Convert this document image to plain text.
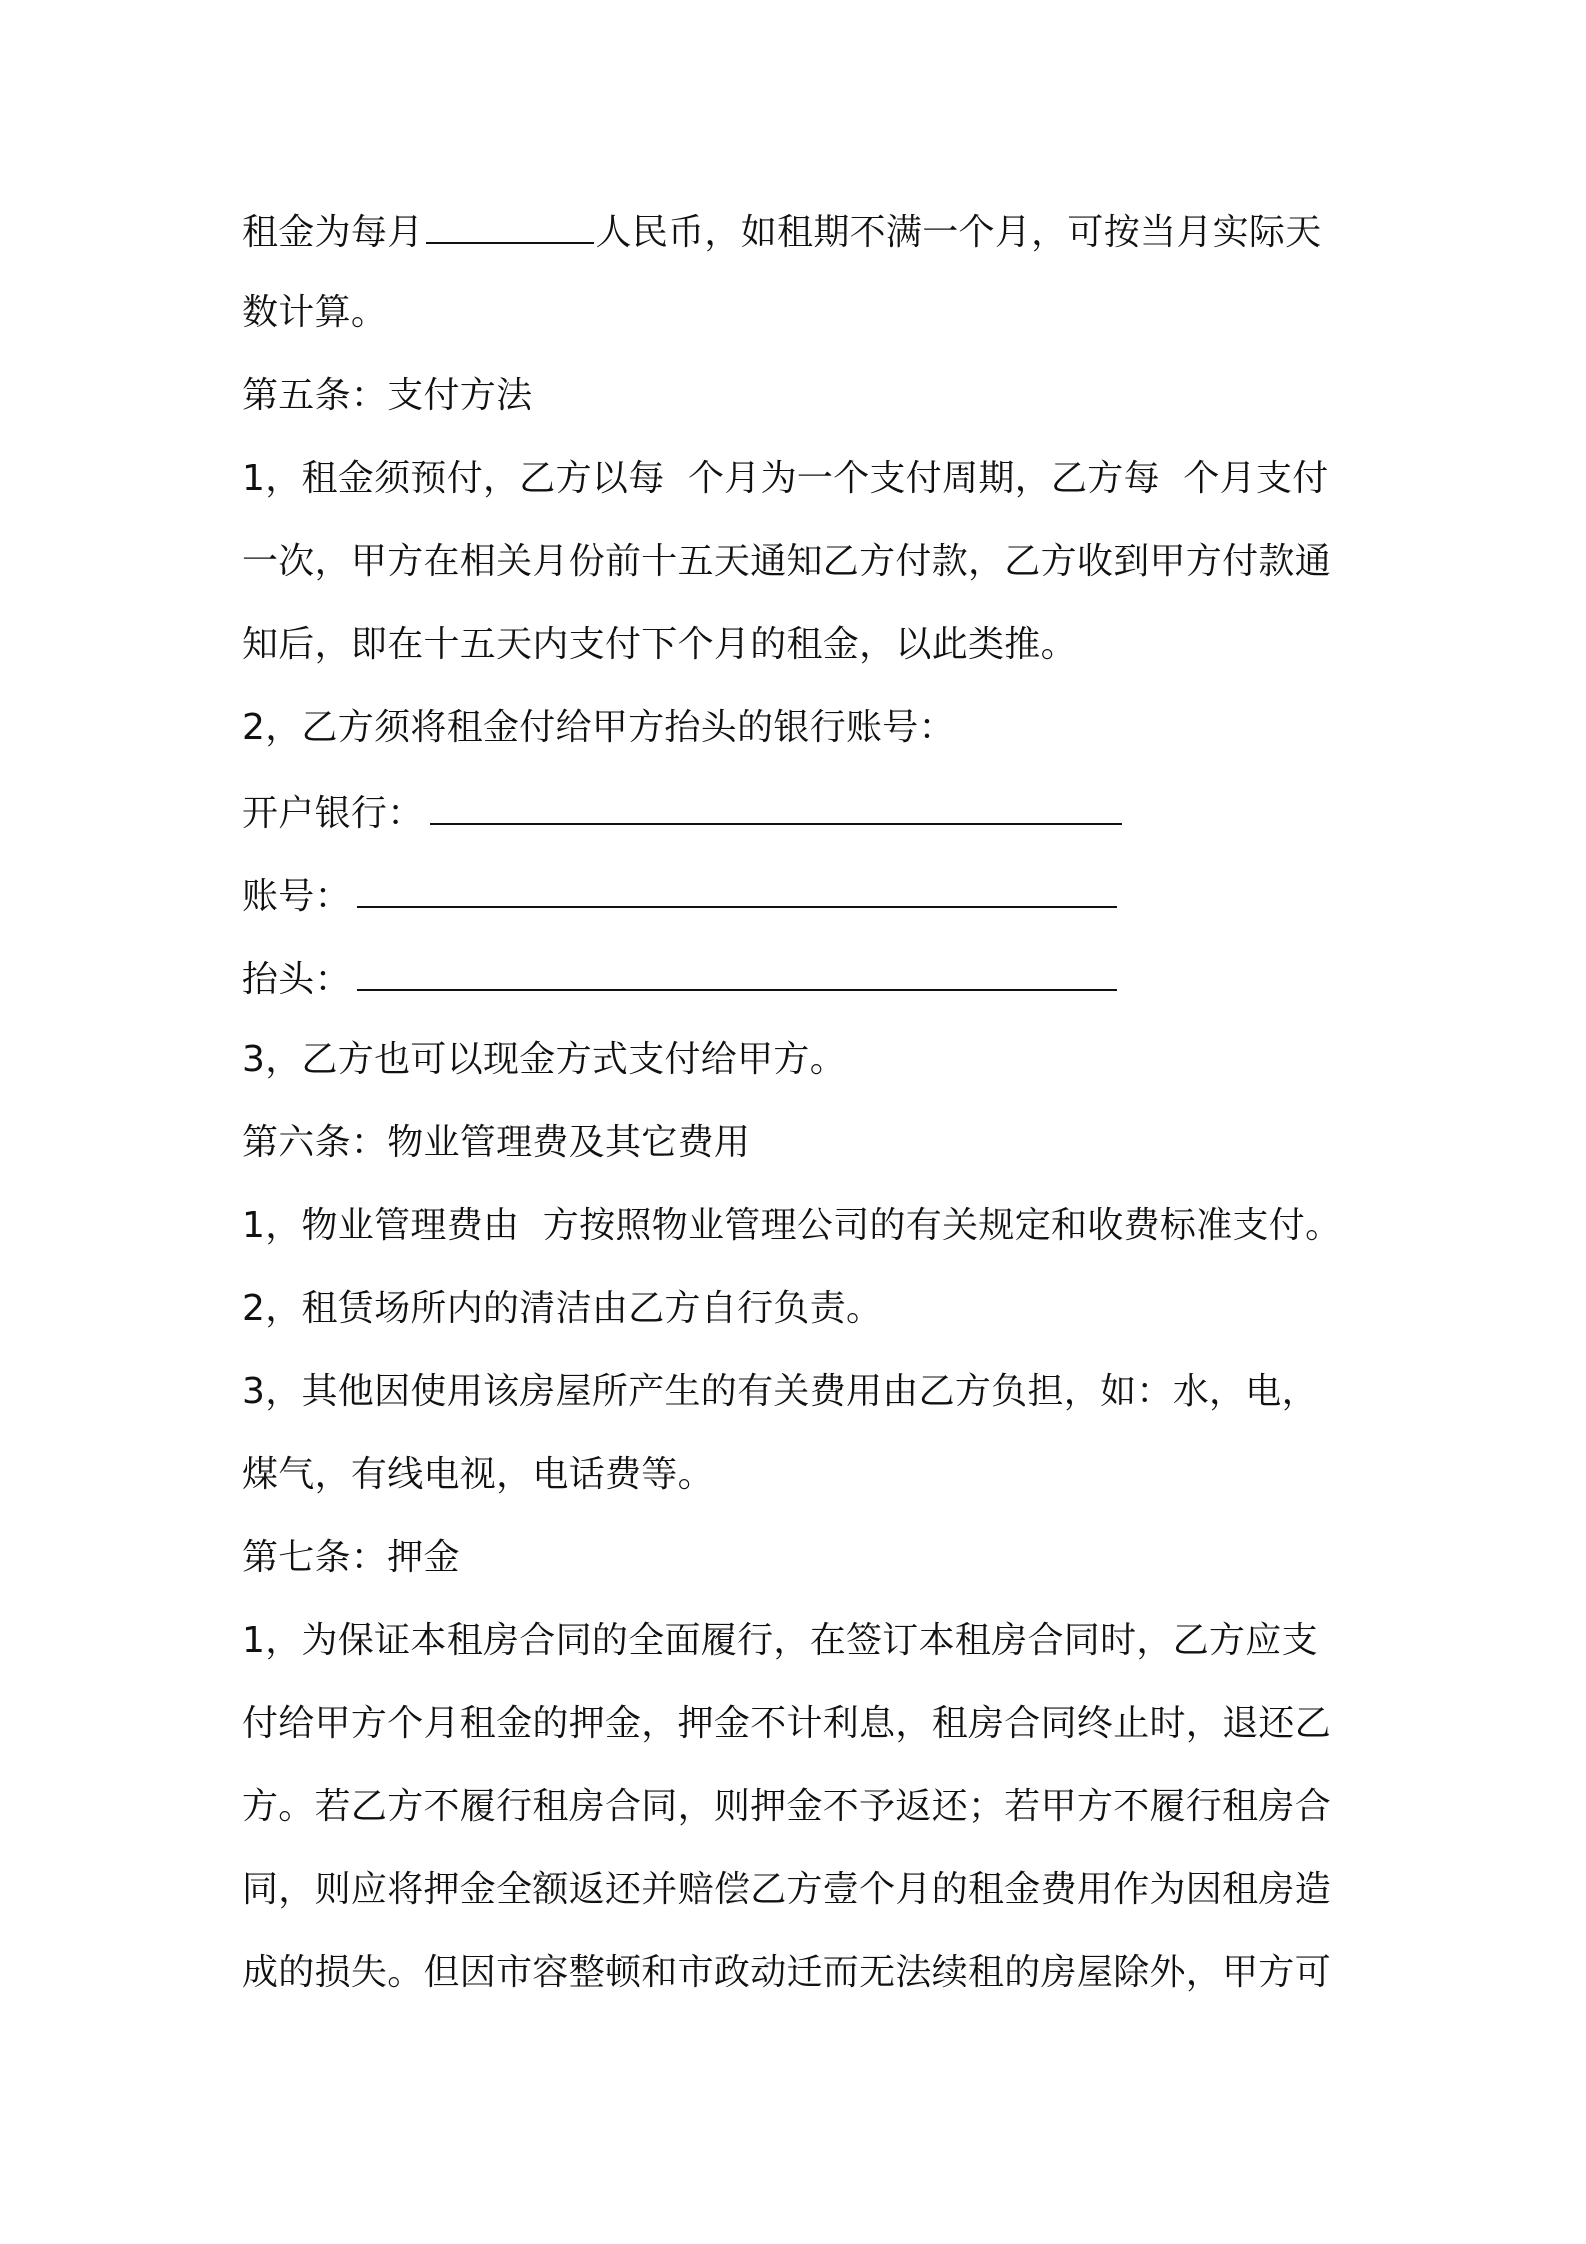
租金为每月	人民币，如租期不满一个月，可按当月实际天
数计算。
第五条：支付方法
1，租金须预付，乙方以每  个月为一个支付周期，乙方每  个月支付
一次，甲方在相关月份前十五天通知乙方付款，乙方收到甲方付款通
知后，即在十五天内支付下个月的租金，以此类推。
2，乙方须将租金付给甲方抬头的银行账号：
开户银行：
账号：
抬头：
3，乙方也可以现金方式支付给甲方。
第六条：物业管理费及其它费用
1，物业管理费由  方按照物业管理公司的有关规定和收费标准支付。
2，租赁场所内的清洁由乙方自行负责。
3，其他因使用该房屋所产生的有关费用由乙方负担，如：水，电，
煤气，有线电视，电话费等。
第七条：押金
1，为保证本租房合同的全面履行，在签订本租房合同时，乙方应支
付给甲方个月租金的押金，押金不计利息，租房合同终止时，退还乙
方。若乙方不履行租房合同，则押金不予返还；若甲方不履行租房合
同，则应将押金全额返还并赔偿乙方壹个月的租金费用作为因租房造
成的损失。但因市容整顿和市政动迁而无法续租的房屋除外，甲方可
